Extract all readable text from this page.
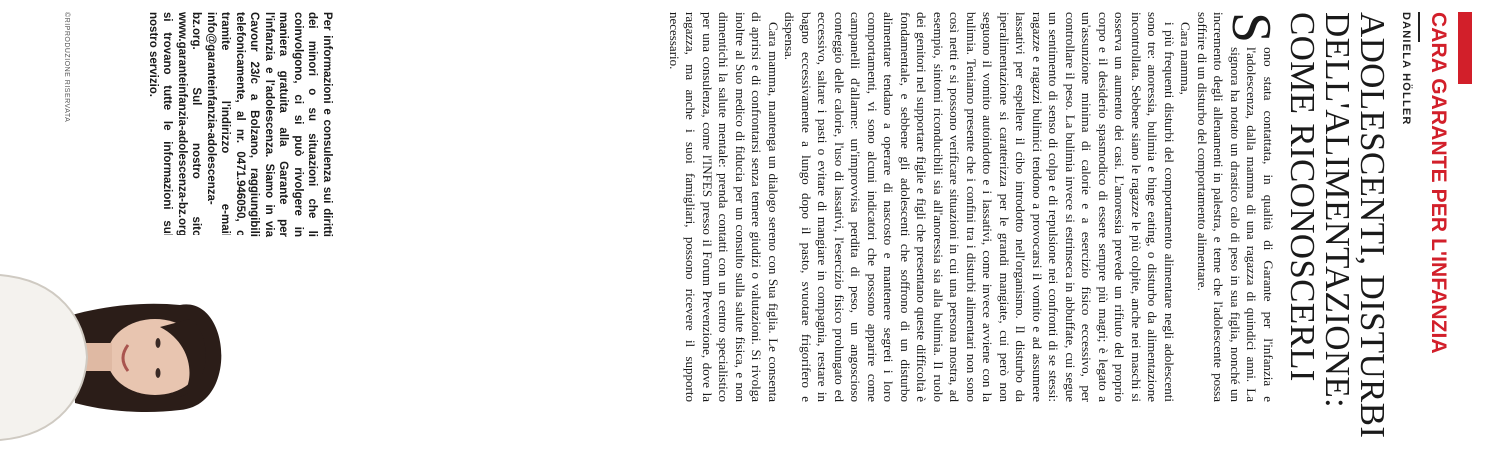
CARA GARANTE PER L'INFANZIA
DANIELA HÖLLER
ADOLESCENTI, DISTURBI
DELL'ALIMENTAZIONE:
COME RICONOSCERLI

S
ono stata contattata, in qualità di Garante per l'infanzia e l'adolescenza, dalla mamma di una ragazza di quindici anni. La signora ha notato un drastico calo di peso in sua figlia, nonché un incremento degli allenamenti in palestra, e teme che l'adolescente possa soffrire di un disturbo del comportamento alimentare.

Cara mamma,

i più frequenti disturbi del comportamento alimentare negli adolescenti sono tre: anoressia, bulimia e binge eating, o disturbo da alimentazione incontrollata. Sebbene siano le ragazze le più colpite, anche nei maschi si osserva un aumento dei casi. L'anoressia prevede un rifiuto del proprio corpo e il desiderio spasmodico di essere sempre più magri; è legato a un'assunzione minima di calorie e a esercizio fisico eccessivo, per controllare il peso. La bulimia invece si estrinseca in abbuffate, cui segue un sentimento di senso di colpa e di repulsione nei confronti di se stessi: ragazze e ragazzi bulimici tendono a provocarsi il vomito e ad assumere lassativi per espellere il cibo introdotto nell'organismo. Il disturbo da iperalimentazione si caratterizza per le grandi mangiate, cui però non seguono il vomito autoindotto e i lassativi, come invece avviene con la bulimia. Teniamo presente che i confini tra i disturbi alimentari non sono così netti e si possono verificare situazioni in cui una persona mostra, ad esempio, sintomi riconducibili sia all'anoressia sia alla bulimia. Il ruolo dei genitori nel supportare figlie e figli che presentano queste difficoltà è fondamentale, e sebbene gli adolescenti che soffrono di un disturbo alimentare tendano a operare di nascosto e mantenere segreti i loro comportamenti, vi sono alcuni indicatori che possono apparire come campanelli d'allarme: un'improvvisa perdita di peso, un angoscioso conteggio delle calorie, l'uso di lassativi, l'esercizio fisico prolungato ed eccessivo, saltare i pasti o evitare di mangiare in compagnia, restare in bagno eccessivamente a lungo dopo il pasto, svuotare frigorifero e dispensa.

Cara mamma, mantenga un dialogo sereno con Sua figlia. Le consenta di aprirsi e di confrontarsi senza temere giudizi o valutazioni. Si rivolga inoltre al Suo medico di fiducia per un consulto sulla salute fisica, e non dimentichi la salute mentale: prenda contatti con un centro specialistico per una consulenza, come l'INFES presso il Forum Prevenzione, dove la ragazza, ma anche i suoi famigliari, possono ricevere il supporto necessario.

Per informazioni e consulenza sui diritti dei minori o su situazioni che li coinvolgono, ci si può rivolgere in maniera gratuita alla Garante per l'infanzia e l'adolescenza. Siamo in via Cavour 23/c a Bolzano, raggiungibili telefonicamente, al nr. 0471.946050, o tramite l'indirizzo e-mail info@garanteinfanzia-adolescenza-bz.org. Sul nostro sito www.garanteinfanzia-adolescenza-bz.org si trovano tutte le informazioni sul nostro servizio.
©RIPRODUZIONE RISERVATA
